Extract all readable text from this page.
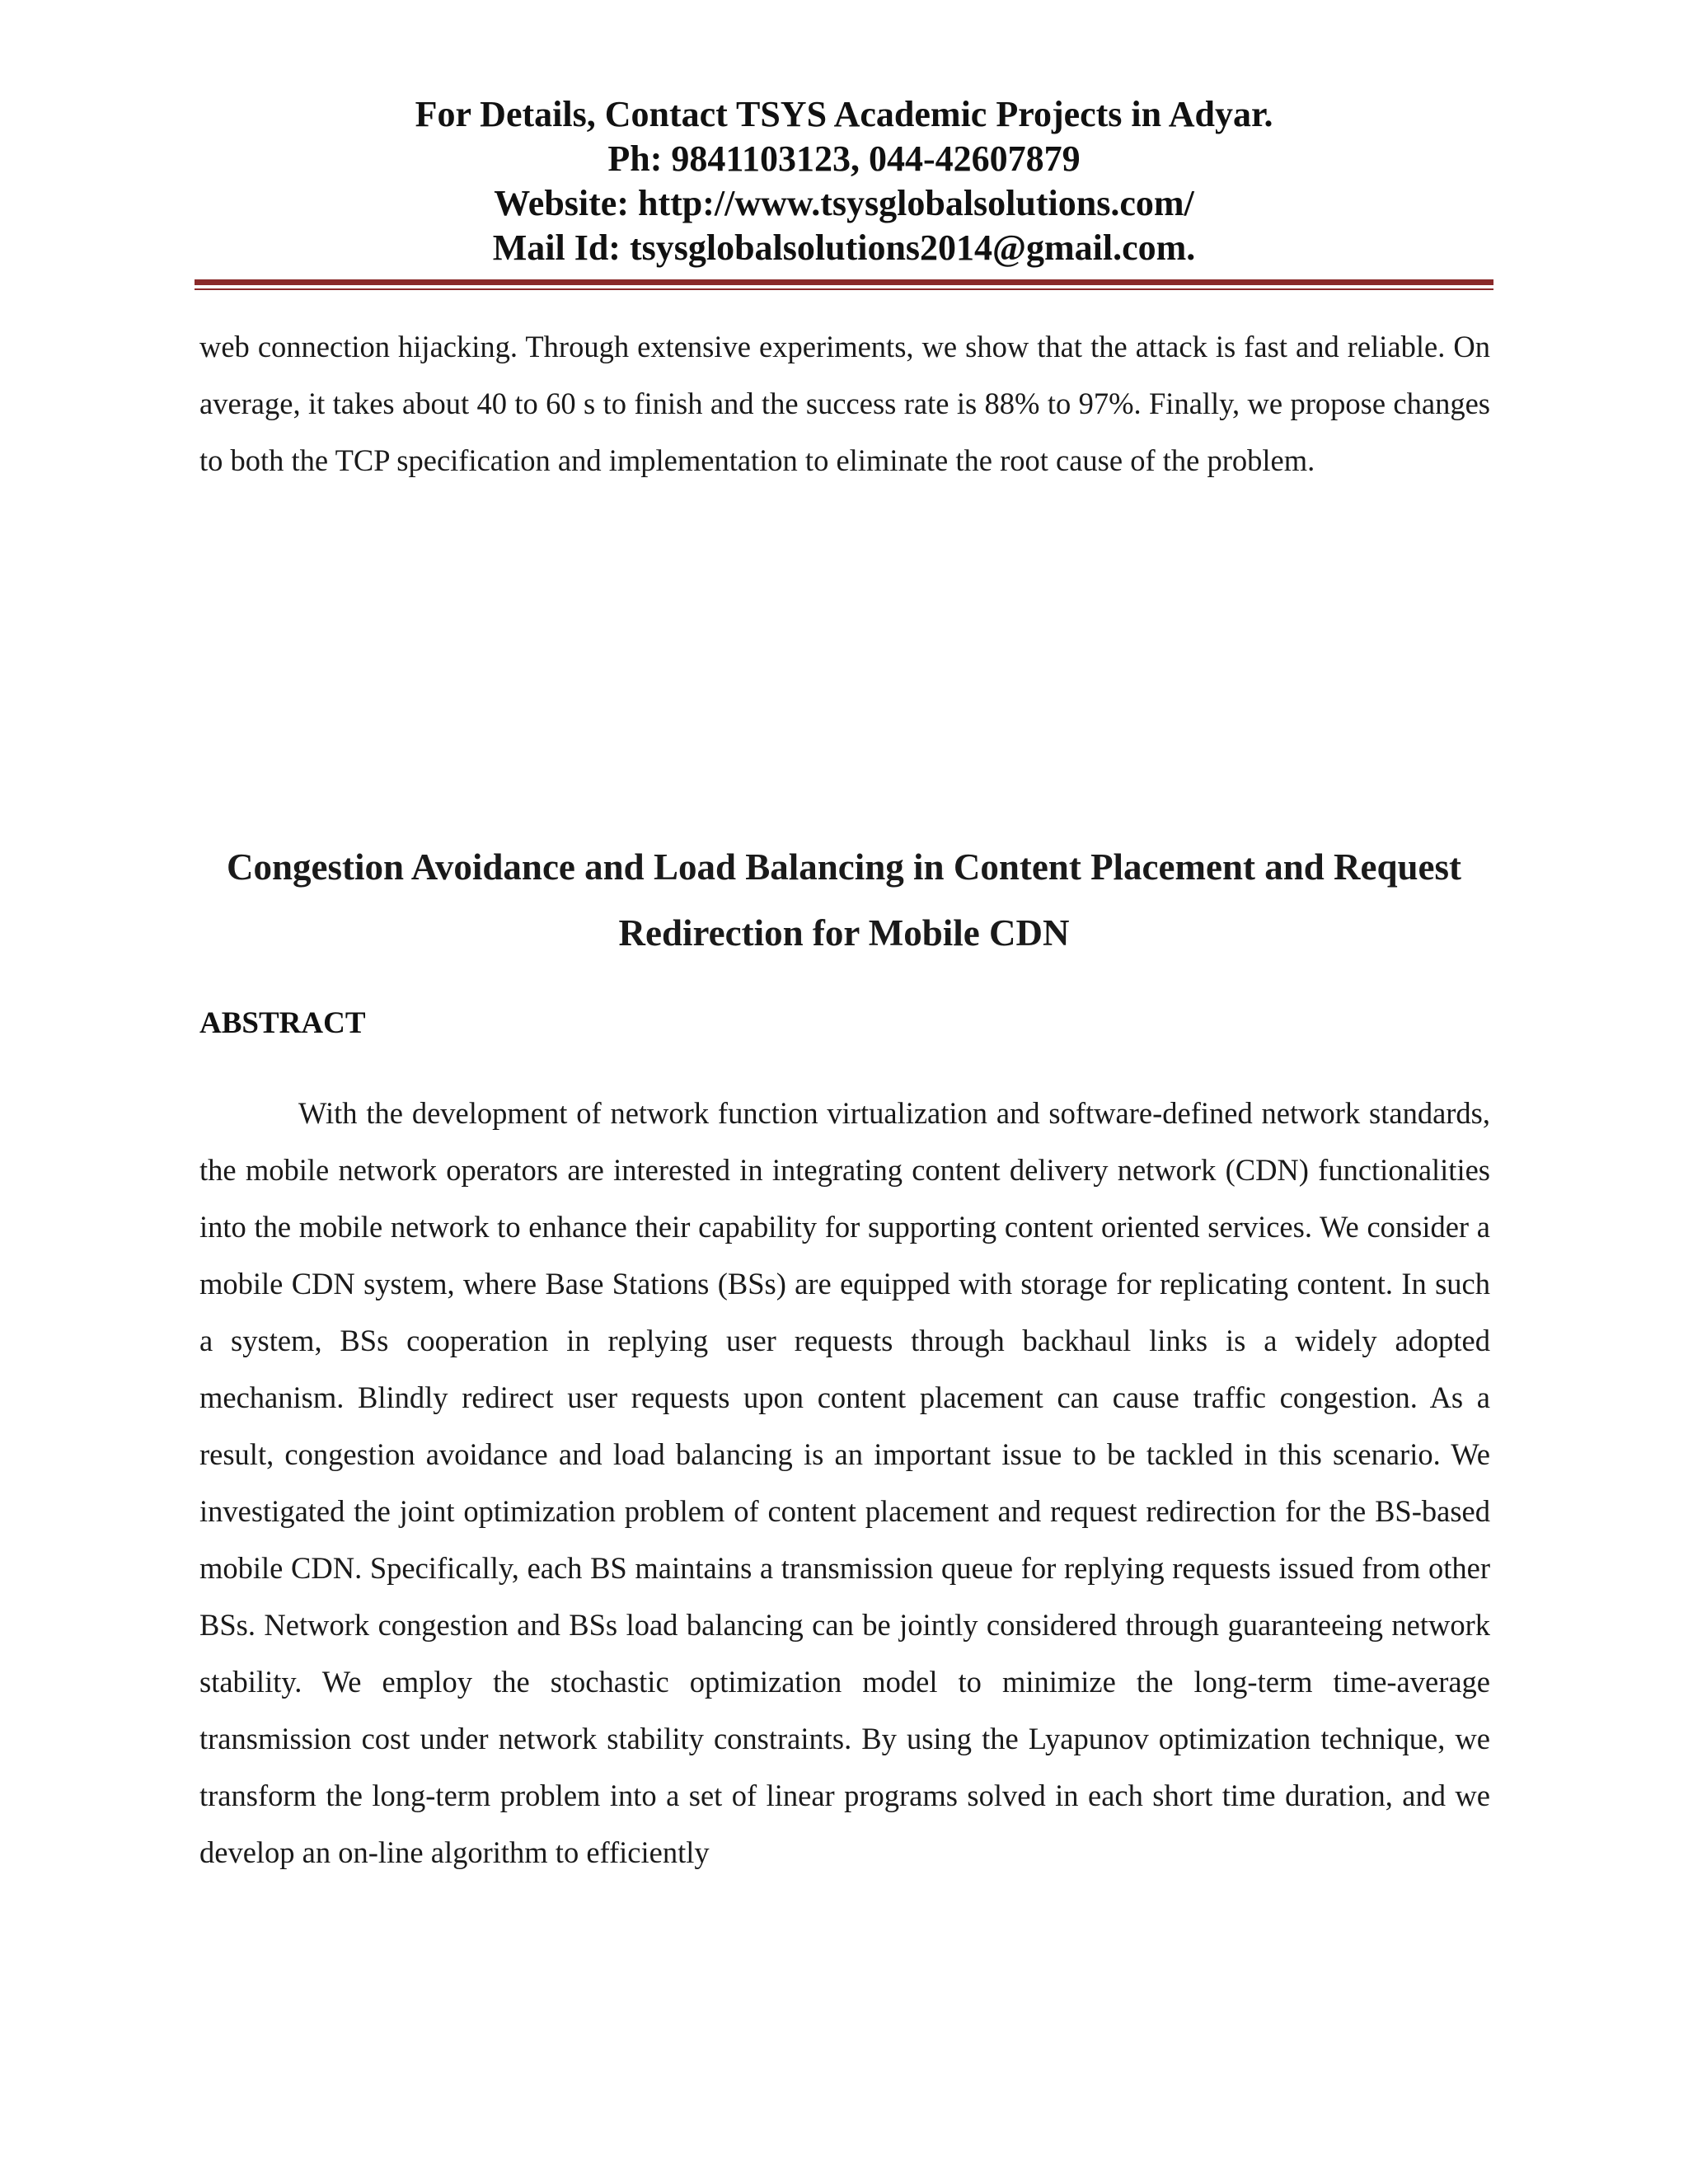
For Details, Contact TSYS Academic Projects in Adyar.
Ph: 9841103123, 044-42607879
Website: http://www.tsysglobalsolutions.com/
Mail Id: tsysglobalsolutions2014@gmail.com.

web connection hijacking. Through extensive experiments, we show that the attack is fast and reliable. On average, it takes about 40 to 60 s to finish and the success rate is 88% to 97%. Finally, we propose changes to both the TCP specification and implementation to eliminate the root cause of the problem.

Congestion Avoidance and Load Balancing in Content Placement and Request
Redirection for Mobile CDN
ABSTRACT

With the development of network function virtualization and software-defined network standards, the mobile network operators are interested in integrating content delivery network (CDN) functionalities into the mobile network to enhance their capability for supporting content oriented services. We consider a mobile CDN system, where Base Stations (BSs) are equipped with storage for replicating content. In such a system, BSs cooperation in replying user requests through backhaul links is a widely adopted mechanism. Blindly redirect user requests upon content placement can cause traffic congestion. As a result, congestion avoidance and load balancing is an important issue to be tackled in this scenario. We investigated the joint optimization problem of content placement and request redirection for the BS-based mobile CDN. Specifically, each BS maintains a transmission queue for replying requests issued from other BSs. Network congestion and BSs load balancing can be jointly considered through guaranteeing network stability. We employ the stochastic optimization model to minimize the long-term time-average transmission cost under network stability constraints. By using the Lyapunov optimization technique, we transform the long-term problem into a set of linear programs solved in each short time duration, and we develop an on-line algorithm to efficiently
